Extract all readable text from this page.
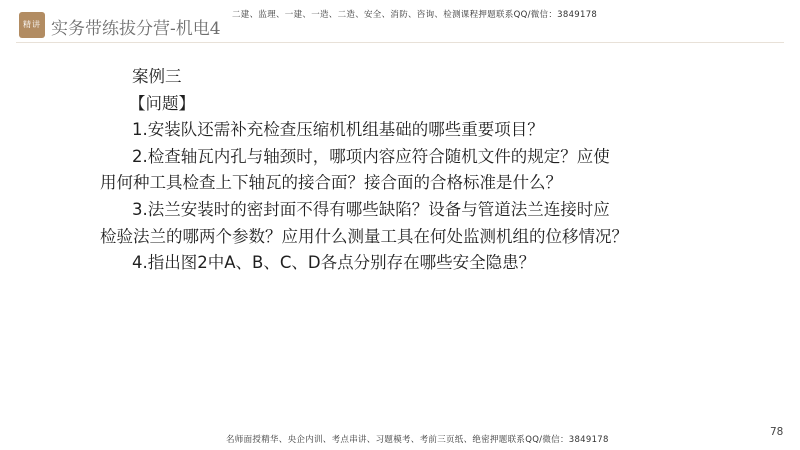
精讲 实务带练拔分营-机电4
二建、监理、一建、一造、二造、安全、消防、咨询、检测课程押题联系QQ/微信：3849178
案例三
【问题】
1.安装队还需补充检查压缩机机组基础的哪些重要项目？
2.检查轴瓦内孔与轴颈时，哪项内容应符合随机文件的规定？应使
用何种工具检查上下轴瓦的接合面？接合面的合格标准是什么？
3.法兰安装时的密封面不得有哪些缺陷？设备与管道法兰连接时应
检验法兰的哪两个参数？应用什么测量工具在何处监测机组的位移情况？
4.指出图2中A、B、C、D各点分别存在哪些安全隐患？
78
名师面授精华、央企内训、考点串讲、习题模考、考前三页纸、绝密押题联系QQ/微信：3849178
